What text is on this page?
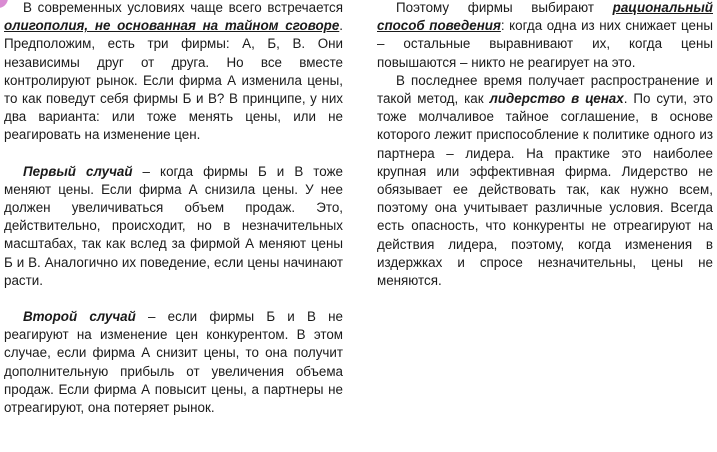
В современных условиях чаще всего встречается олигополия, не основанная на тайном сговоре. Предположим, есть три фирмы: А, Б, В. Они независимы друг от друга. Но все вместе контролируют рынок. Если фирма А изменила цены, то как поведут себя фирмы Б и В? В принципе, у них два варианта: или тоже менять цены, или не реагировать на изменение цен.

Первый случай – когда фирмы Б и В тоже меняют цены. Если фирма А снизила цены. У нее должен увеличиваться объем продаж. Это, действительно, происходит, но в незначительных масштабах, так как вслед за фирмой А меняют цены Б и В. Аналогично их поведение, если цены начинают расти.

Второй случай – если фирмы Б и В не реагируют на изменение цен конкурентом. В этом случае, если фирма А снизит цены, то она получит дополнительную прибыль от увеличения объема продаж. Если фирма А повысит цены, а партнеры не отреагируют, она потеряет рынок.

Поэтому фирмы выбирают рациональный способ поведения: когда одна из них снижает цены – остальные выравнивают их, когда цены повышаются – никто не реагирует на это.

В последнее время получает распространение и такой метод, как лидерство в ценах. По сути, это тоже молчаливое тайное соглашение, в основе которого лежит приспособление к политике одного из партнера – лидера. На практике это наиболее крупная или эффективная фирма. Лидерство не обязывает ее действовать так, как нужно всем, поэтому она учитывает различные условия. Всегда есть опасность, что конкуренты не отреагируют на действия лидера, поэтому, когда изменения в издержках и спросе незначительны, цены не меняются.
